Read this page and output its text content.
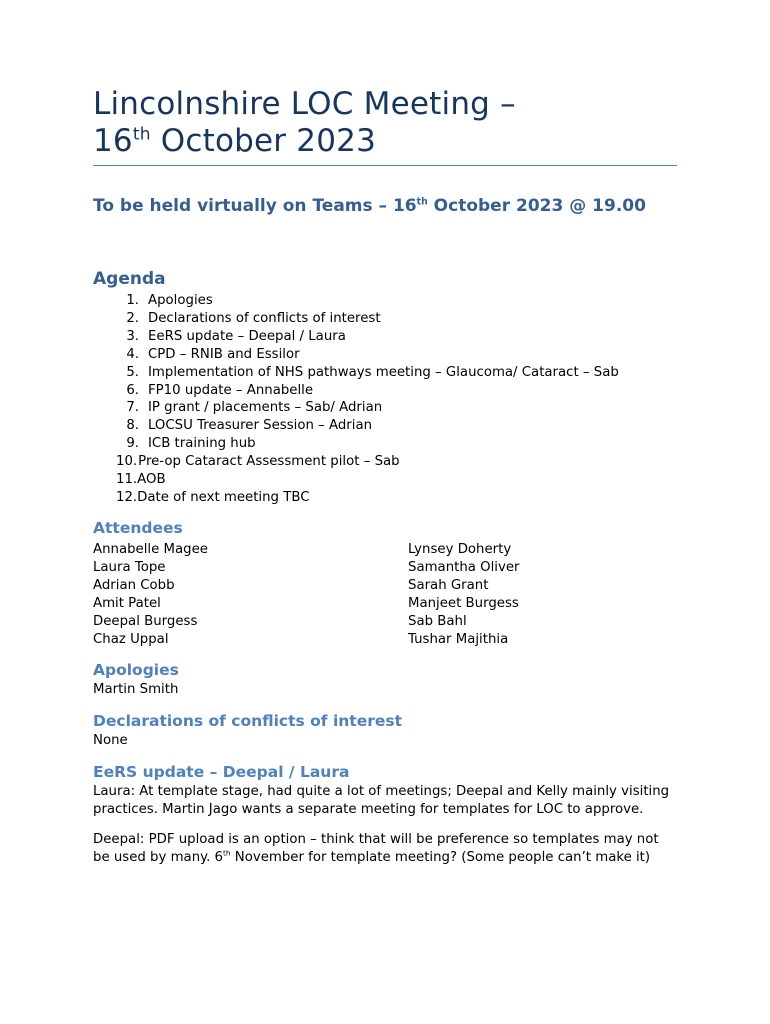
Lincolnshire LOC Meeting –
16th October 2023
To be held virtually on Teams – 16th October 2023 @ 19.00
Agenda
1. Apologies
2. Declarations of conflicts of interest
3. EeRS update – Deepal / Laura
4. CPD – RNIB and Essilor
5. Implementation of NHS pathways meeting – Glaucoma/ Cataract – Sab
6. FP10 update – Annabelle
7. IP grant / placements – Sab/ Adrian
8. LOCSU Treasurer Session – Adrian
9. ICB training hub
10.Pre-op Cataract Assessment pilot – Sab
11.AOB
12.Date of next meeting TBC
Attendees
Annabelle Magee
Laura Tope
Adrian Cobb
Amit Patel
Deepal Burgess
Chaz Uppal
Lynsey Doherty
Samantha Oliver
Sarah Grant
Manjeet Burgess
Sab Bahl
Tushar Majithia
Apologies
Martin Smith
Declarations of conflicts of interest
None
EeRS update – Deepal / Laura

Laura: At template stage, had quite a lot of meetings; Deepal and Kelly mainly visiting practices. Martin Jago wants a separate meeting for templates for LOC to approve.

Deepal: PDF upload is an option – think that will be preference so templates may not be used by many. 6th November for template meeting? (Some people can’t make it)
